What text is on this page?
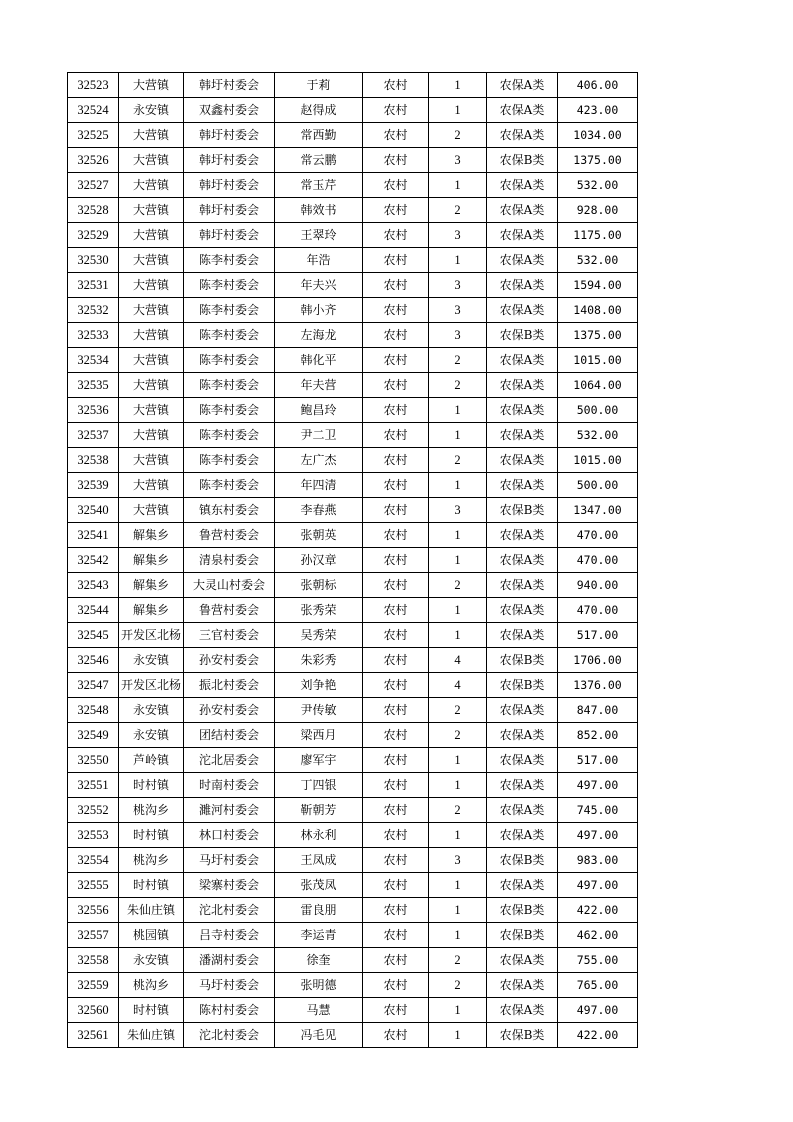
32523	大营镇	韩圩村委会	于莉	农村	1	农保A类	406.00
32524	永安镇	双鑫村委会	赵得成	农村	1	农保A类	423.00
32525	大营镇	韩圩村委会	常西勤	农村	2	农保A类	1034.00
32526	大营镇	韩圩村委会	常云鹏	农村	3	农保B类	1375.00
32527	大营镇	韩圩村委会	常玉芹	农村	1	农保A类	532.00
32528	大营镇	韩圩村委会	韩效书	农村	2	农保A类	928.00
32529	大营镇	韩圩村委会	王翠玲	农村	3	农保A类	1175.00
32530	大营镇	陈李村委会	年浩	农村	1	农保A类	532.00
32531	大营镇	陈李村委会	年夫兴	农村	3	农保A类	1594.00
32532	大营镇	陈李村委会	韩小齐	农村	3	农保A类	1408.00
32533	大营镇	陈李村委会	左海龙	农村	3	农保B类	1375.00
32534	大营镇	陈李村委会	韩化平	农村	2	农保A类	1015.00
32535	大营镇	陈李村委会	年夫营	农村	2	农保A类	1064.00
32536	大营镇	陈李村委会	鲍昌玲	农村	1	农保A类	500.00
32537	大营镇	陈李村委会	尹二卫	农村	1	农保A类	532.00
32538	大营镇	陈李村委会	左广杰	农村	2	农保A类	1015.00
32539	大营镇	陈李村委会	年四清	农村	1	农保A类	500.00
32540	大营镇	镇东村委会	李春燕	农村	3	农保B类	1347.00
32541	解集乡	鲁营村委会	张朝英	农村	1	农保A类	470.00
32542	解集乡	清泉村委会	孙汉章	农村	1	农保A类	470.00
32543	解集乡	大灵山村委会	张朝标	农村	2	农保A类	940.00
32544	解集乡	鲁营村委会	张秀荣	农村	1	农保A类	470.00
32545	开发区北杨	三官村委会	吴秀荣	农村	1	农保A类	517.00
32546	永安镇	孙安村委会	朱彩秀	农村	4	农保B类	1706.00
32547	开发区北杨	振北村委会	刘争艳	农村	4	农保B类	1376.00
32548	永安镇	孙安村委会	尹传敏	农村	2	农保A类	847.00
32549	永安镇	团结村委会	梁西月	农村	2	农保A类	852.00
32550	芦岭镇	沱北居委会	廖军宇	农村	1	农保A类	517.00
32551	时村镇	时南村委会	丁四银	农村	1	农保A类	497.00
32552	桃沟乡	濉河村委会	靳朝芳	农村	2	农保A类	745.00
32553	时村镇	林口村委会	林永利	农村	1	农保A类	497.00
32554	桃沟乡	马圩村委会	王凤成	农村	3	农保B类	983.00
32555	时村镇	梁寨村委会	张茂凤	农村	1	农保A类	497.00
32556	朱仙庄镇	沱北村委会	雷良朋	农村	1	农保B类	422.00
32557	桃园镇	吕寺村委会	李运青	农村	1	农保B类	462.00
32558	永安镇	潘湖村委会	徐奎	农村	2	农保A类	755.00
32559	桃沟乡	马圩村委会	张明德	农村	2	农保A类	765.00
32560	时村镇	陈村村委会	马慧	农村	1	农保A类	497.00
32561	朱仙庄镇	沱北村委会	冯毛见	农村	1	农保B类	422.00
